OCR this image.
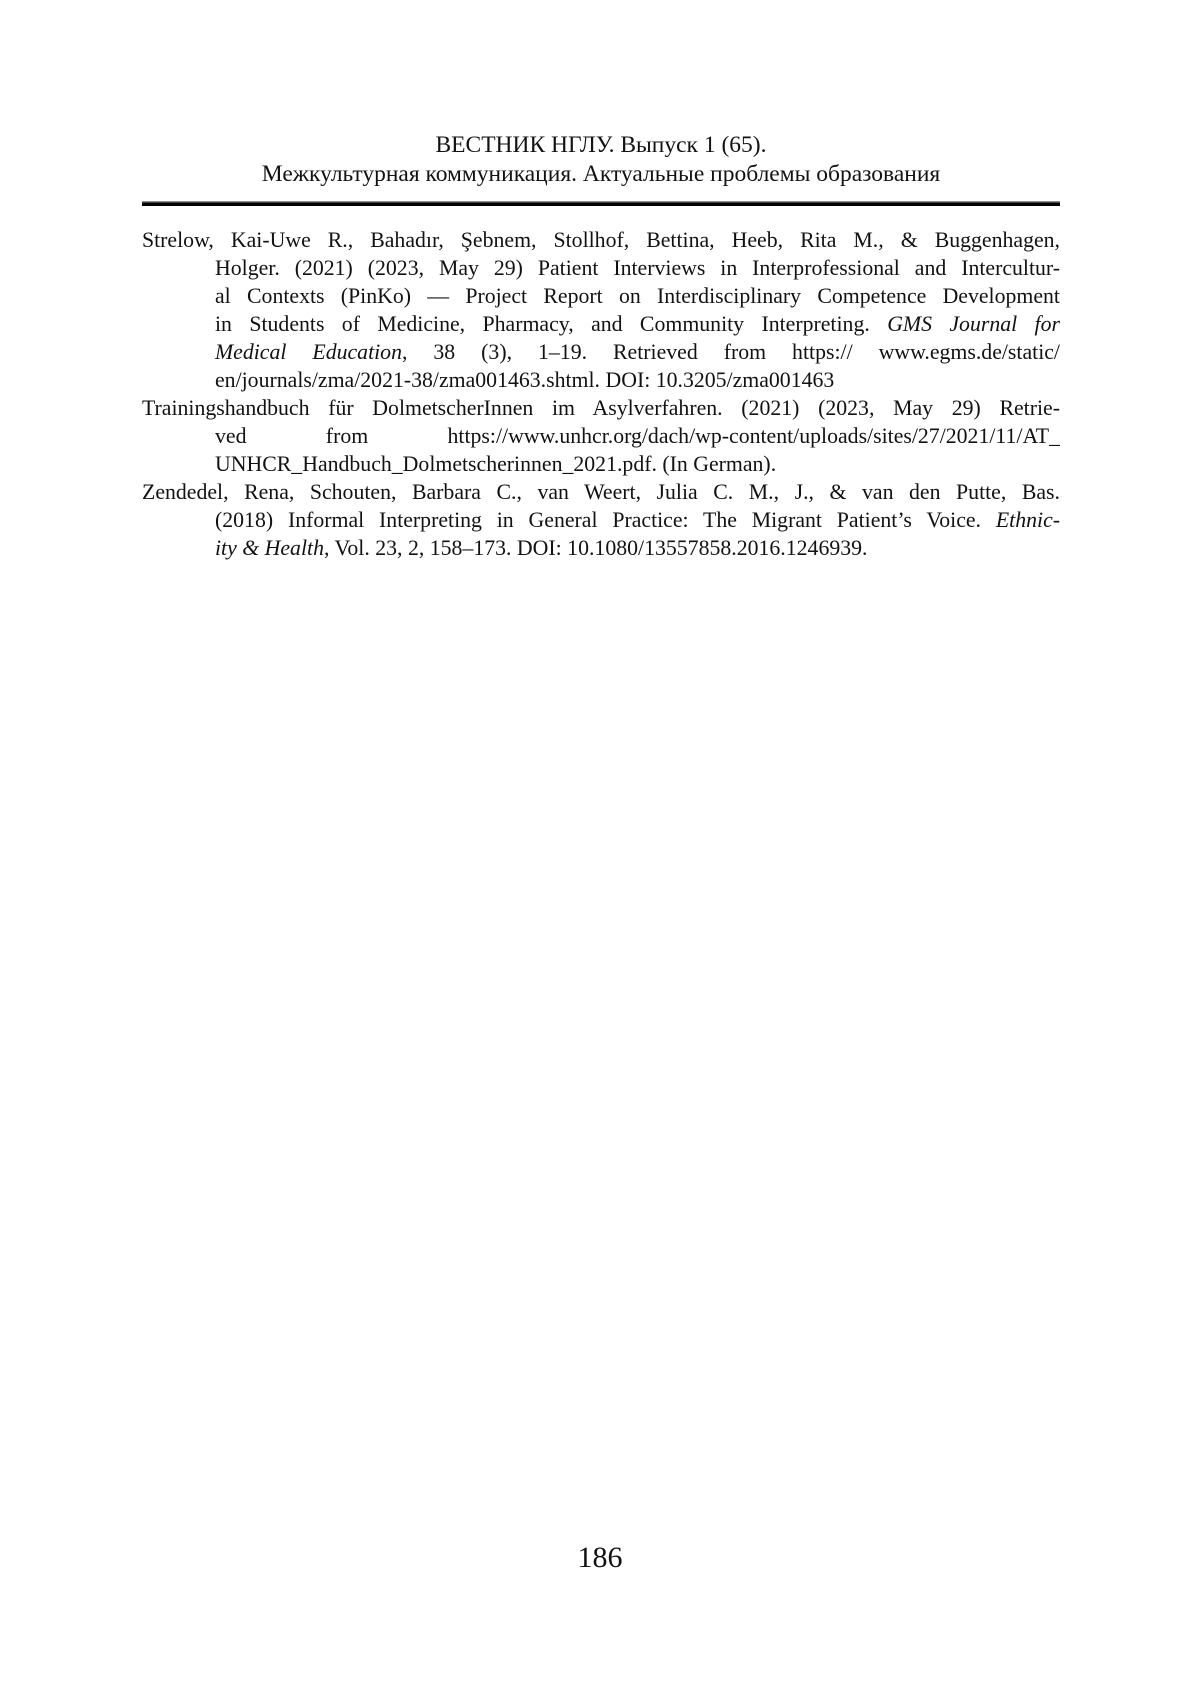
ВЕСТНИК НГЛУ. Выпуск 1 (65).
Межкультурная коммуникация. Актуальные проблемы образования
Strelow, Kai-Uwe R., Bahadır, Şebnem, Stollhof, Bettina, Heeb, Rita M., & Buggenhagen,
Holger. (2021) (2023, May 29) Patient Interviews in Interprofessional and Intercultur-
al Contexts (PinKo) — Project Report on Interdisciplinary Competence Development
in Students of Medicine, Pharmacy, and Community Interpreting. GMS Journal for
Medical Education, 38 (3), 1–19. Retrieved from https:// www.egms.de/static/
en/journals/zma/2021-38/zma001463.shtml. DOI: 10.3205/zma001463
Trainingshandbuch für DolmetscherInnen im Asylverfahren. (2021) (2023, May 29) Retrie-
ved from https://www.unhcr.org/dach/wp-content/uploads/sites/27/2021/11/AT_
UNHCR_Handbuch_Dolmetscherinnen_2021.pdf. (In German).
Zendedel, Rena, Schouten, Barbara C., van Weert, Julia C. M., J., & van den Putte, Bas.
(2018) Informal Interpreting in General Practice: The Migrant Patient’s Voice. Ethnic-
ity & Health, Vol. 23, 2, 158–173. DOI: 10.1080/13557858.2016.1246939.
186
